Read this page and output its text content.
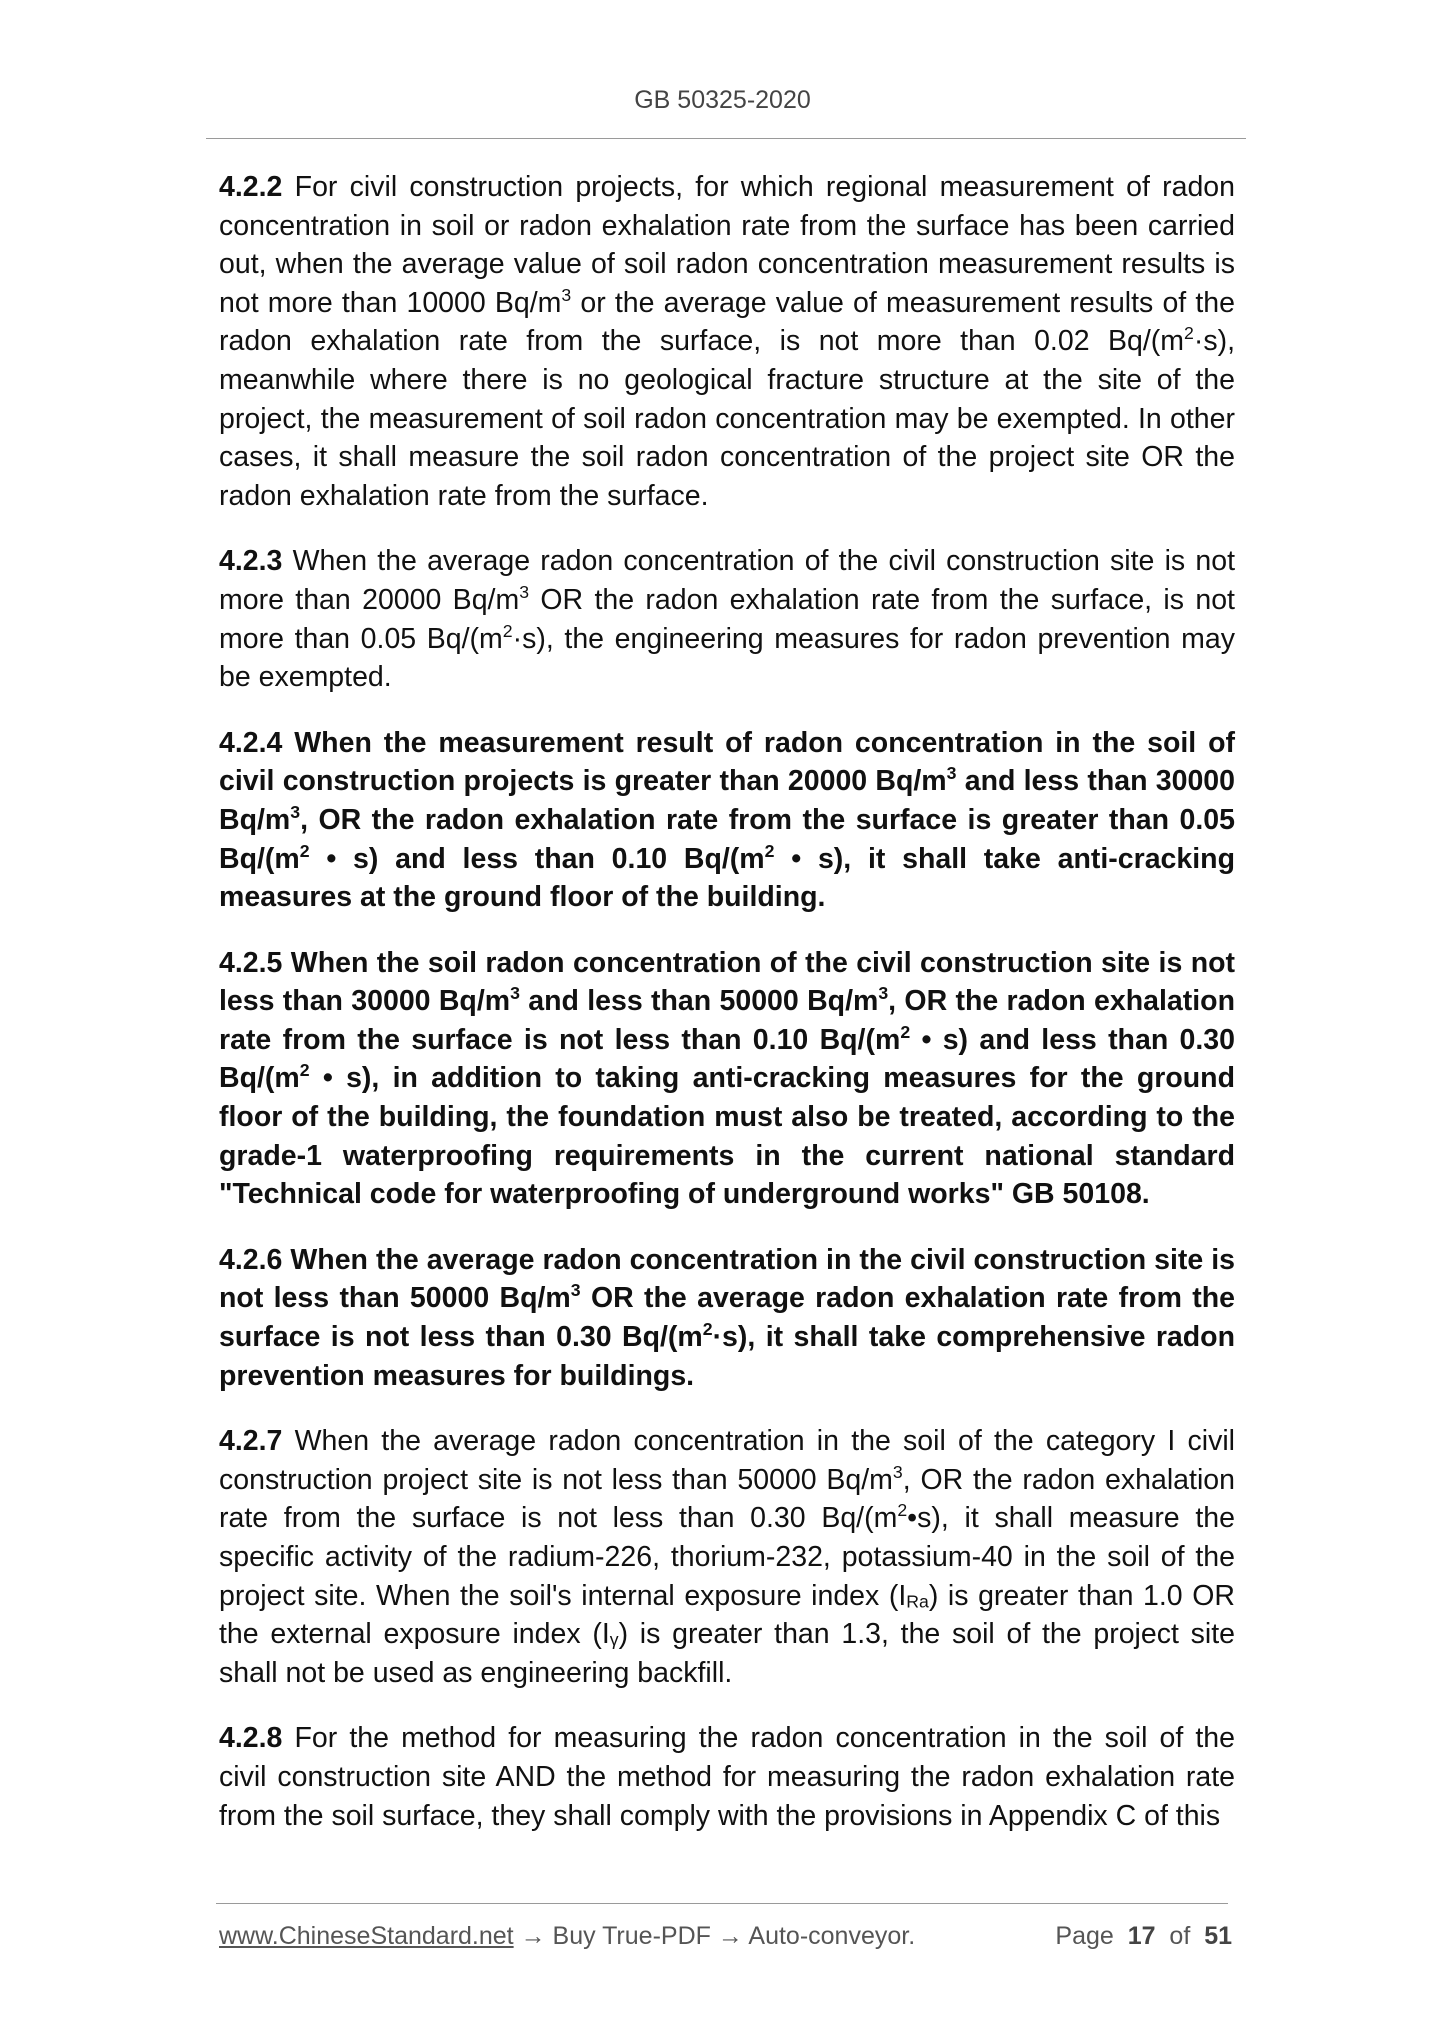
GB 50325-2020

4.2.2 For civil construction projects, for which regional measurement of radon concentration in soil or radon exhalation rate from the surface has been carried out, when the average value of soil radon concentration measurement results is not more than 10000 $Bq/m^3$ or the average value of measurement results of the radon exhalation rate from the surface, is not more than 0.02 $Bq/(m^2\cdot s)$, meanwhile where there is no geological fracture structure at the site of the project, the measurement of soil radon concentration may be exempted. In other cases, it shall measure the soil radon concentration of the project site OR the radon exhalation rate from the surface.

4.2.3 When the average radon concentration of the civil construction site is not more than 20000 $Bq/m^3$ OR the radon exhalation rate from the surface, is not more than 0.05 $Bq/(m^2\cdot s)$, the engineering measures for radon prevention may be exempted.

4.2.4 When the measurement result of radon concentration in the soil of civil construction projects is greater than 20000 $Bq/m^3$ and less than 30000 $Bq/m^3$, OR the radon exhalation rate from the surface is greater than 0.05 $Bq/(m^2$ • s) and less than 0.10 $Bq/(m^2$ • s), it shall take anti-cracking measures at the ground floor of the building.

4.2.5 When the soil radon concentration of the civil construction site is not less than 30000 $Bq/m^3$ and less than 50000 $Bq/m^3$, OR the radon exhalation rate from the surface is not less than 0.10 $Bq/(m^2$ • s) and less than 0.30 $Bq/(m^2$ • s), in addition to taking anti-cracking measures for the ground floor of the building, the foundation must also be treated, according to the grade-1 waterproofing requirements in the current national standard "Technical code for waterproofing of underground works" GB 50108.

4.2.6 When the average radon concentration in the civil construction site is not less than 50000 $Bq/m^3$ OR the average radon exhalation rate from the surface is not less than 0.30 $Bq/(m^2\cdot s)$, it shall take comprehensive radon prevention measures for buildings.

4.2.7 When the average radon concentration in the soil of the category I civil construction project site is not less than 50000 $Bq/m^3$, OR the radon exhalation rate from the surface is not less than 0.30 $Bq/(m^2•s)$, it shall measure the specific activity of the radium-226, thorium-232, potassium-40 in the soil of the project site. When the soil's internal exposure index $(I_{Ra})$ is greater than 1.0 OR the external exposure index $(I_\gamma)$ is greater than 1.3, the soil of the project site shall not be used as engineering backfill.

4.2.8 For the method for measuring the radon concentration in the soil of the civil construction site AND the method for measuring the radon exhalation rate from the soil surface, they shall comply with the provisions in Appendix C of this

www.ChineseStandard.net → Buy True-PDF → Auto-conveyor.	Page 17 of 51
